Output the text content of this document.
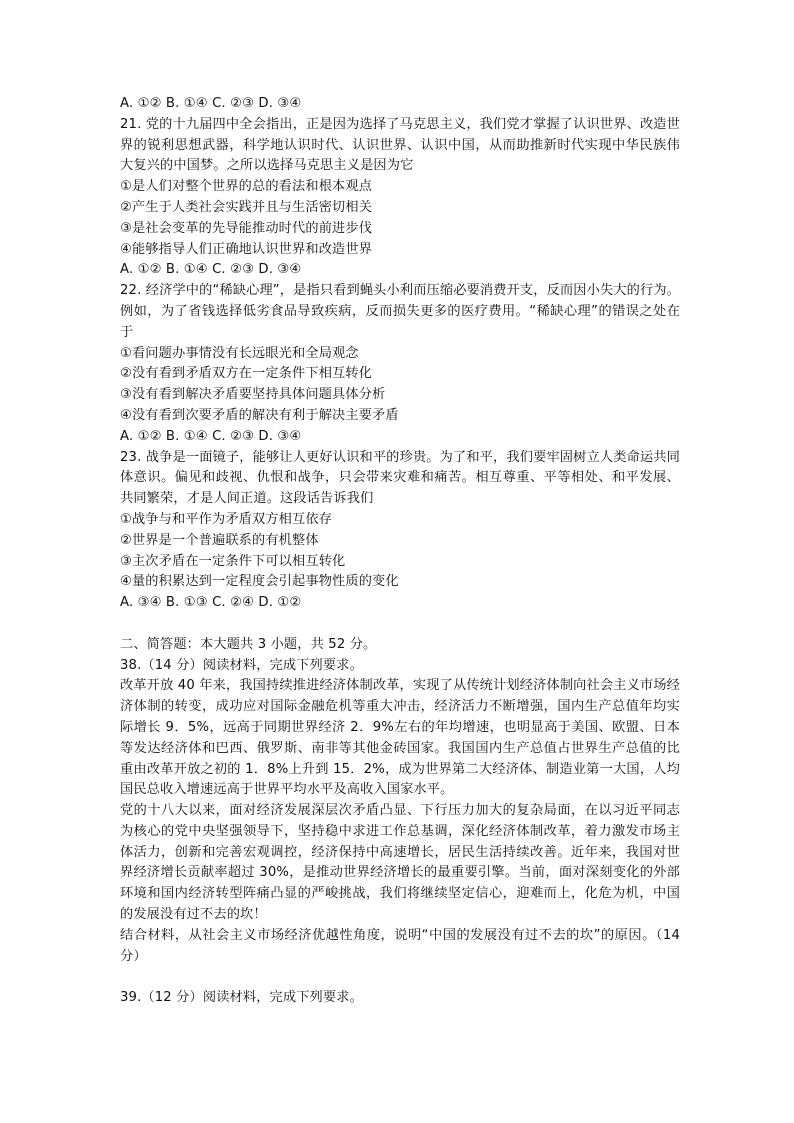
A. ①② B. ①④ C. ②③ D. ③④
21. 党的十九届四中全会指出，正是因为选择了马克思主义，我们党才掌握了认识世界、改造世界的锐利思想武器，科学地认识时代、认识世界、认识中国，从而助推新时代实现中华民族伟大复兴的中国梦。之所以选择马克思主义是因为它
①是人们对整个世界的总的看法和根本观点
②产生于人类社会实践并且与生活密切相关
③是社会变革的先导能推动时代的前进步伐
④能够指导人们正确地认识世界和改造世界
A. ①② B. ①④ C. ②③ D. ③④
22. 经济学中的“稀缺心理”，是指只看到蝇头小利而压缩必要消费开支，反而因小失大的行为。例如，为了省钱选择低劣食品导致疾病，反而损失更多的医疗费用。“稀缺心理”的错误之处在于
①看问题办事情没有长远眼光和全局观念
②没有看到矛盾双方在一定条件下相互转化
③没有看到解决矛盾要坚持具体问题具体分析
④没有看到次要矛盾的解决有利于解决主要矛盾
A. ①② B. ①④ C. ②③ D. ③④
23. 战争是一面镜子，能够让人更好认识和平的珍贵。为了和平，我们要牢固树立人类命运共同体意识。偏见和歧视、仇恨和战争，只会带来灾难和痛苦。相互尊重、平等相处、和平发展、共同繁荣，才是人间正道。这段话告诉我们
①战争与和平作为矛盾双方相互依存
②世界是一个普遍联系的有机整体
③主次矛盾在一定条件下可以相互转化
④量的积累达到一定程度会引起事物性质的变化
A. ③④ B. ①③ C. ②④ D. ①②
二、简答题：本大题共 3 小题，共 52 分。
38.（14 分）阅读材料，完成下列要求。
改革开放 40 年来，我国持续推进经济体制改革，实现了从传统计划经济体制向社会主义市场经济体制的转变，成功应对国际金融危机等重大冲击，经济活力不断增强，国内生产总值年均实际增长 9．5%，远高于同期世界经济 2．9%左右的年均增速，也明显高于美国、欧盟、日本等发达经济体和巴西、俄罗斯、南非等其他金砖国家。我国国内生产总值占世界生产总值的比重由改革开放之初的 1．8%上升到 15．2%，成为世界第二大经济体、制造业第一大国，人均国民总收入增速远高于世界平均水平及高收入国家水平。
党的十八大以来，面对经济发展深层次矛盾凸显、下行压力加大的复杂局面，在以习近平同志为核心的党中央坚强领导下，坚持稳中求进工作总基调，深化经济体制改革，着力激发市场主体活力，创新和完善宏观调控，经济保持中高速增长，居民生活持续改善。近年来，我国对世界经济增长贡献率超过 30%，是推动世界经济增长的最重要引擎。当前，面对深刻变化的外部环境和国内经济转型阵痛凸显的严峻挑战，我们将继续坚定信心，迎难而上，化危为机，中国的发展没有过不去的坎！
结合材料，从社会主义市场经济优越性角度，说明“中国的发展没有过不去的坎”的原因。（14 分）
39.（12 分）阅读材料，完成下列要求。
